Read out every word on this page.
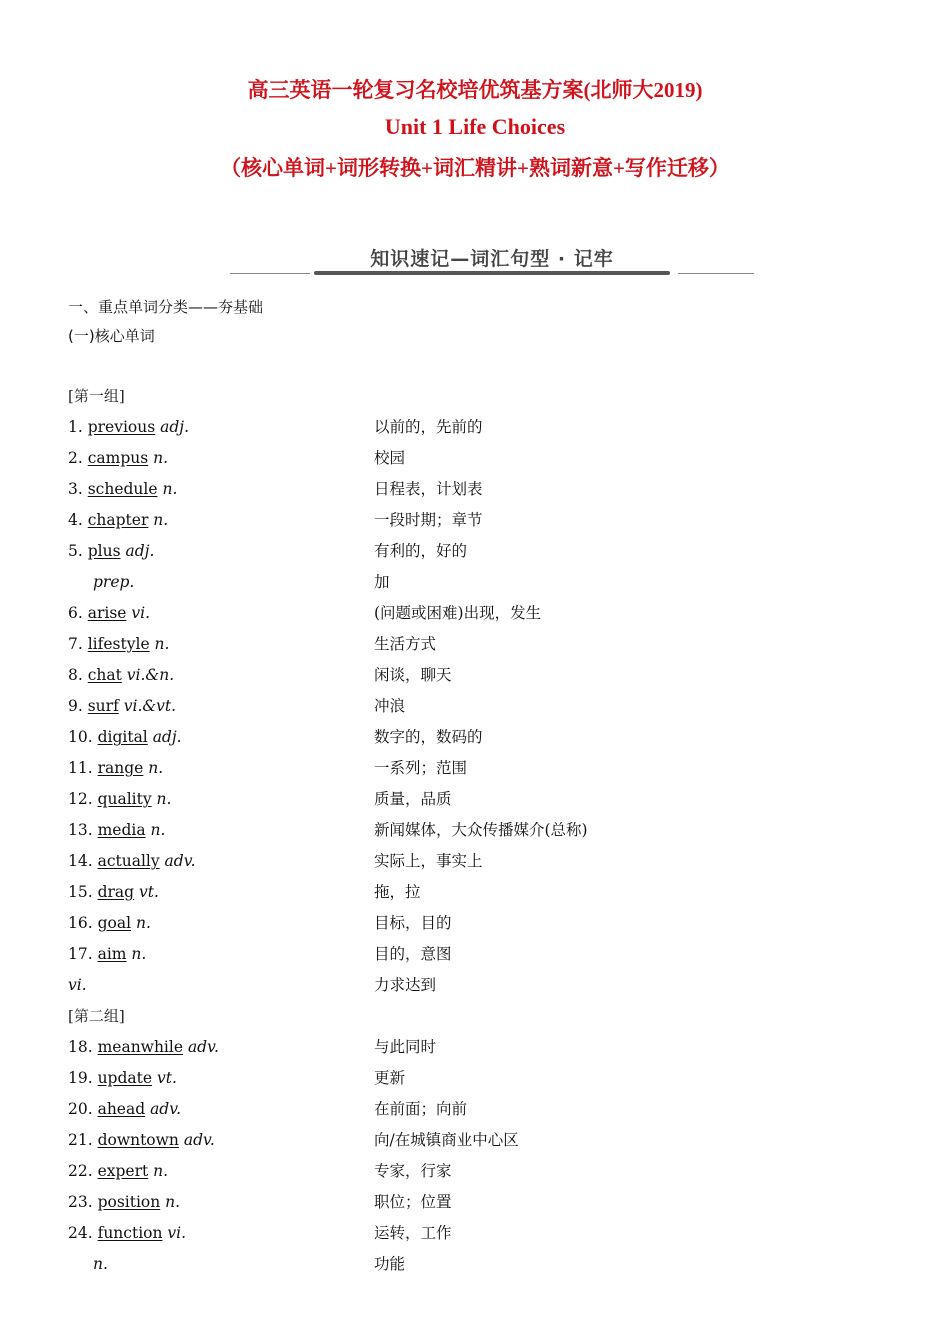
高三英语一轮复习名校培优筑基方案(北师大2019)
Unit 1 Life Choices
（核心单词+词形转换+词汇精讲+熟词新意+写作迁移）
知识速记—词汇句型 · 记牢
一、重点单词分类——夯基础
(一)核心单词
[第一组]
1. previous adj.	以前的，先前的
2. campus n.	校园
3. schedule n.	日程表，计划表
4. chapter n.	一段时期；章节
5. plus adj.	有利的，好的
prep.	加
6. arise vi.	(问题或困难)出现，发生
7. lifestyle n.	生活方式
8. chat vi.&n.	闲谈，聊天
9. surf vi.&vt.	冲浪
10. digital adj.	数字的，数码的
11. range n.	一系列；范围
12. quality n.	质量，品质
13. media n.	新闻媒体，大众传播媒介(总称)
14. actually adv.	实际上，事实上
15. drag vt.	拖，拉
16. goal n.	目标，目的
17. aim n.	目的，意图
vi.	力求达到
[第二组]
18. meanwhile adv.	与此同时
19. update vt.	更新
20. ahead adv.	在前面；向前
21. downtown adv.	向/在城镇商业中心区
22. expert n.	专家，行家
23. position n.	职位；位置
24. function vi.	运转，工作
n.	功能
